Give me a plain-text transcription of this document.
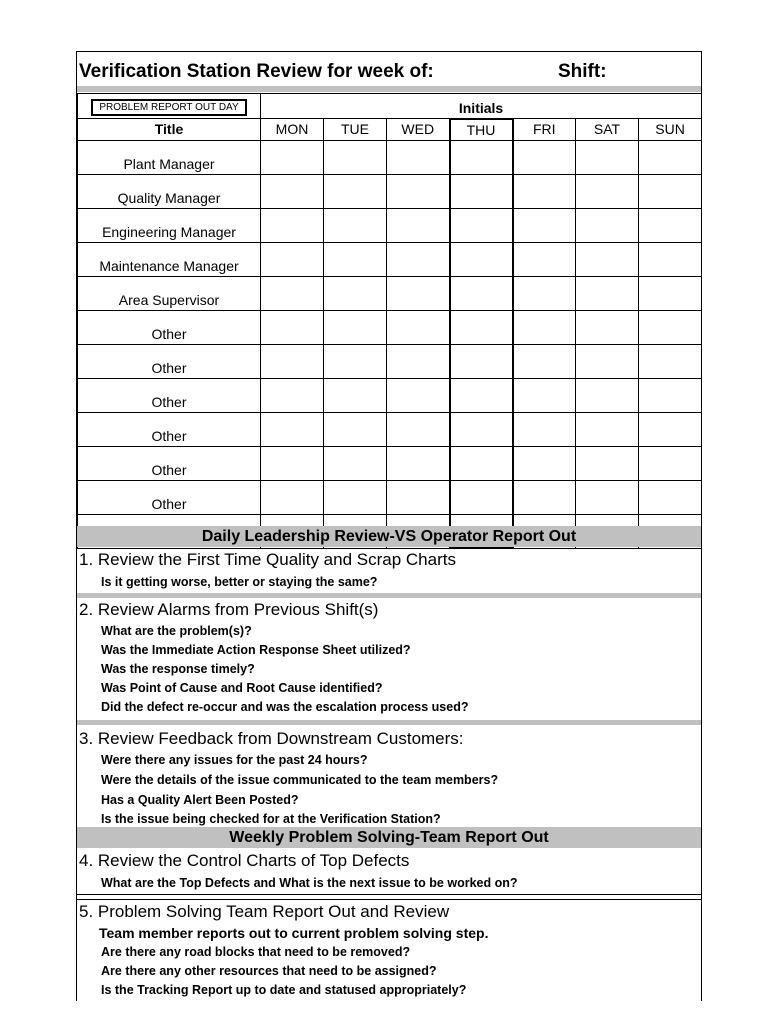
Verification Station Review for week of:	Shift:
PROBLEM REPORT OUT DAY	Initials						
Title	MON	TUE	WED	THU	FRI	SAT	SUN
Plant Manager							
Quality Manager							
Engineering Manager							
Maintenance Manager							
Area Supervisor							
Other							
Other							
Other							
Other							
Other							
Other							

Daily Leadership Review-VS Operator Report Out
1. Review the First Time Quality and Scrap Charts
Is it getting worse, better or staying the same?
2. Review Alarms from Previous Shift(s)
What are the problem(s)?
Was the Immediate Action Response Sheet utilized?
Was the response timely?
Was Point of Cause and Root Cause identified?
Did the defect re-occur and was the escalation process used?
3. Review Feedback from Downstream Customers:
Were there any issues for the past 24 hours?
Were the details of the issue communicated to the team members?
Has a Quality Alert Been Posted?
Is the issue being checked for at the Verification Station?
Weekly Problem Solving-Team Report Out
4. Review the Control Charts of Top Defects
What are the Top Defects and What is the next issue to be worked on?
5. Problem Solving Team Report Out and Review
Team member reports out to current problem solving step.
Are there any road blocks that need to be removed?
Are there any other resources that need to be assigned?
Is the Tracking Report up to date and statused appropriately?
